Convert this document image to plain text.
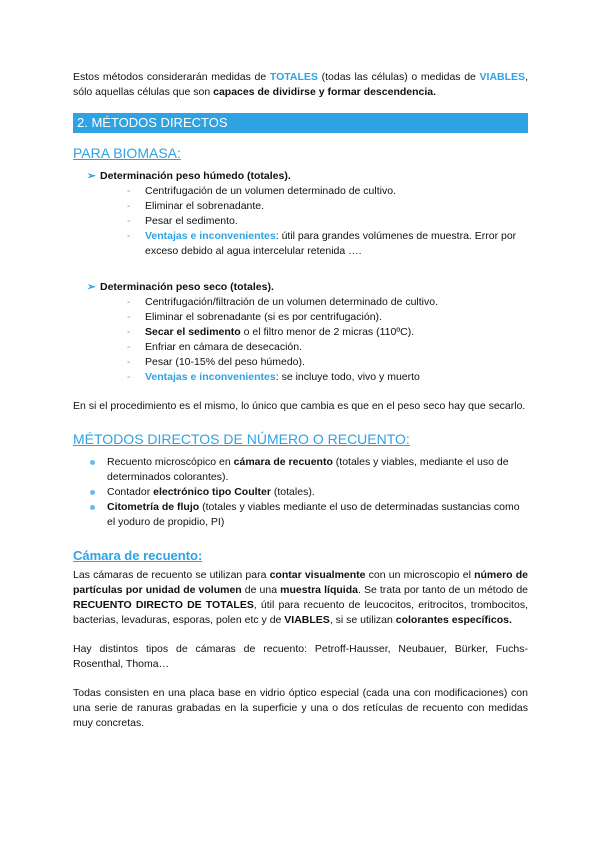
Estos métodos considerarán medidas de TOTALES (todas las células) o medidas de VIABLES, sólo aquellas células que son capaces de dividirse y formar descendencia.

2. MÉTODOS DIRECTOS

PARA BIOMASA:

➢ Determinación peso húmedo (totales).
- Centrifugación de un volumen determinado de cultivo.
- Eliminar el sobrenadante.
- Pesar el sedimento.
- Ventajas e inconvenientes: útil para grandes volúmenes de muestra. Error por exceso debido al agua intercelular retenida ….
➢ Determinación peso seco (totales).
- Centrifugación/filtración de un volumen determinado de cultivo.
- Eliminar el sobrenadante (si es por centrifugación).
- Secar el sedimento o el filtro menor de 2 micras (110ºC).
- Enfriar en cámara de desecación.
- Pesar (10-15% del peso húmedo).
- Ventajas e inconvenientes: se incluye todo, vivo y muerto

En si el procedimiento es el mismo, lo único que cambia es que en el peso seco hay que secarlo.

MÉTODOS DIRECTOS DE NÚMERO O RECUENTO:

Recuento microscópico en cámara de recuento (totales y viables, mediante el uso de determinados colorantes).
Contador electrónico tipo Coulter (totales).
Citometría de flujo (totales y viables mediante el uso de determinadas sustancias como el yoduro de propidio, PI)

Cámara de recuento:

Las cámaras de recuento se utilizan para contar visualmente con un microscopio el número de partículas por unidad de volumen de una muestra líquida. Se trata por tanto de un método de RECUENTO DIRECTO DE TOTALES, útil para recuento de leucocitos, eritrocitos, trombocitos, bacterias, levaduras, esporas, polen etc y de VIABLES, si se utilizan colorantes específicos.

Hay distintos tipos de cámaras de recuento: Petroff-Hausser, Neubauer, Bürker, Fuchs-Rosenthal, Thoma…

Todas consisten en una placa base en vidrio óptico especial (cada una con modificaciones) con una serie de ranuras grabadas en la superficie y una o dos retículas de recuento con medidas muy concretas.
